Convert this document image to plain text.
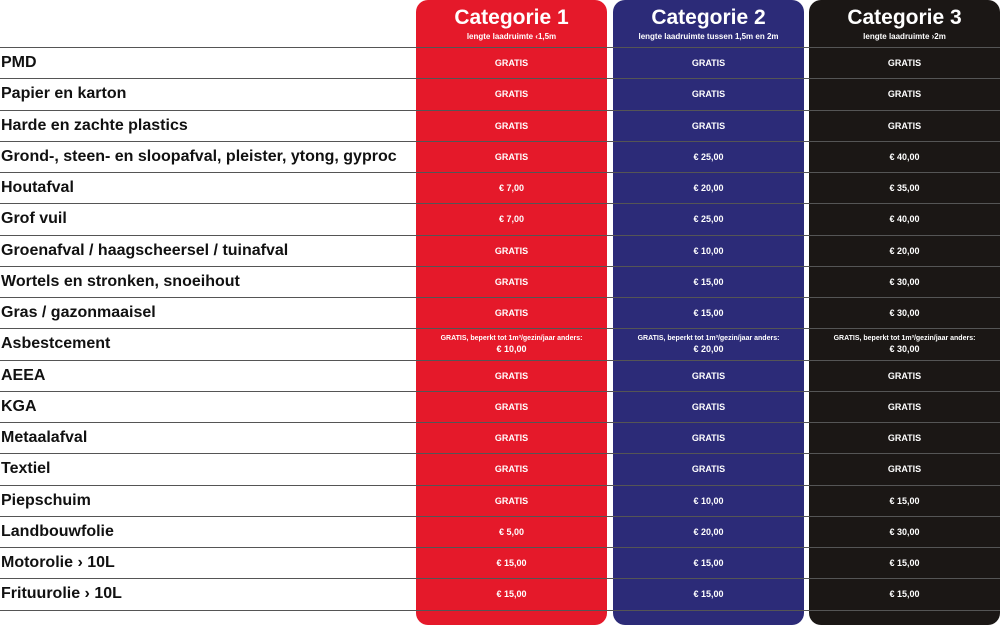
Categorie 1
lengte laadruimte ‹1,5m
GRATIS
GRATIS
GRATIS
GRATIS
€ 7,00
€ 7,00
GRATIS
GRATIS
GRATIS
GRATIS, beperkt tot 1m³/gezin/jaar anders:
€ 10,00
GRATIS
GRATIS
GRATIS
GRATIS
GRATIS
€ 5,00
€ 15,00
€ 15,00
Categorie 2
lengte laadruimte tussen 1,5m en 2m
GRATIS
GRATIS
GRATIS
€ 25,00
€ 20,00
€ 25,00
€ 10,00
€ 15,00
€ 15,00
GRATIS, beperkt tot 1m³/gezin/jaar anders:
€ 20,00
GRATIS
GRATIS
GRATIS
GRATIS
€ 10,00
€ 20,00
€ 15,00
€ 15,00
Categorie 3
lengte laadruimte ›2m
GRATIS
GRATIS
GRATIS
€ 40,00
€ 35,00
€ 40,00
€ 20,00
€ 30,00
€ 30,00
GRATIS, beperkt tot 1m³/gezin/jaar anders:
€ 30,00
GRATIS
GRATIS
GRATIS
GRATIS
€ 15,00
€ 30,00
€ 15,00
€ 15,00
PMD
Papier en karton
Harde en zachte plastics
Grond-, steen- en sloopafval, pleister, ytong, gyproc
Houtafval
Grof vuil
Groenafval / haagscheersel / tuinafval
Wortels en stronken, snoeihout
Gras / gazonmaaisel
Asbestcement
AEEA
KGA
Metaalafval
Textiel
Piepschuim
Landbouwfolie
Motorolie › 10L
Frituurolie › 10L
